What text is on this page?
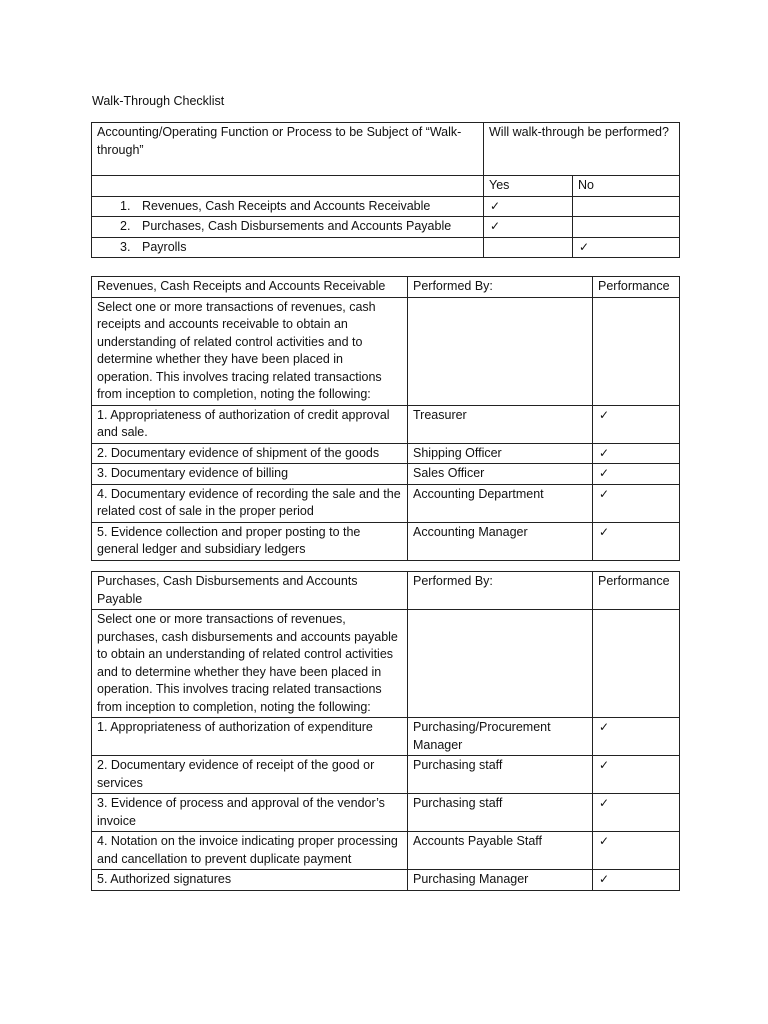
Walk-Through Checklist
Accounting/Operating Function or Process to be Subject of “Walk-through”	Will walk-through be performed?	
	Yes	No
1. Revenues, Cash Receipts and Accounts Receivable	✓	
2. Purchases, Cash Disbursements and Accounts Payable	✓	
3. Payrolls		✓
Revenues, Cash Receipts and Accounts Receivable	Performed By:	Performance
Select one or more transactions of revenues, cash receipts and accounts receivable to obtain an understanding of related control activities and to determine whether they have been placed in operation. This involves tracing related transactions from inception to completion, noting the following:		
1. Appropriateness of authorization of credit approval and sale.	Treasurer	✓
2. Documentary evidence of shipment of the goods	Shipping Officer	✓
3. Documentary evidence of billing	Sales Officer	✓
4. Documentary evidence of recording the sale and the related cost of sale in the proper period	Accounting Department	✓
5. Evidence collection and proper posting to the general ledger and subsidiary ledgers	Accounting Manager	✓
Purchases, Cash Disbursements and Accounts Payable	Performed By:	Performance
Select one or more transactions of revenues, purchases, cash disbursements and accounts payable to obtain an understanding of related control activities and to determine whether they have been placed in operation. This involves tracing related transactions from inception to completion, noting the following:		
1. Appropriateness of authorization of expenditure	Purchasing/Procurement Manager	✓
2. Documentary evidence of receipt of the good or services	Purchasing staff	✓
3. Evidence of process and approval of the vendor’s invoice	Purchasing staff	✓
4. Notation on the invoice indicating proper processing and cancellation to prevent duplicate payment	Accounts Payable Staff	✓
5. Authorized signatures	Purchasing Manager	✓
